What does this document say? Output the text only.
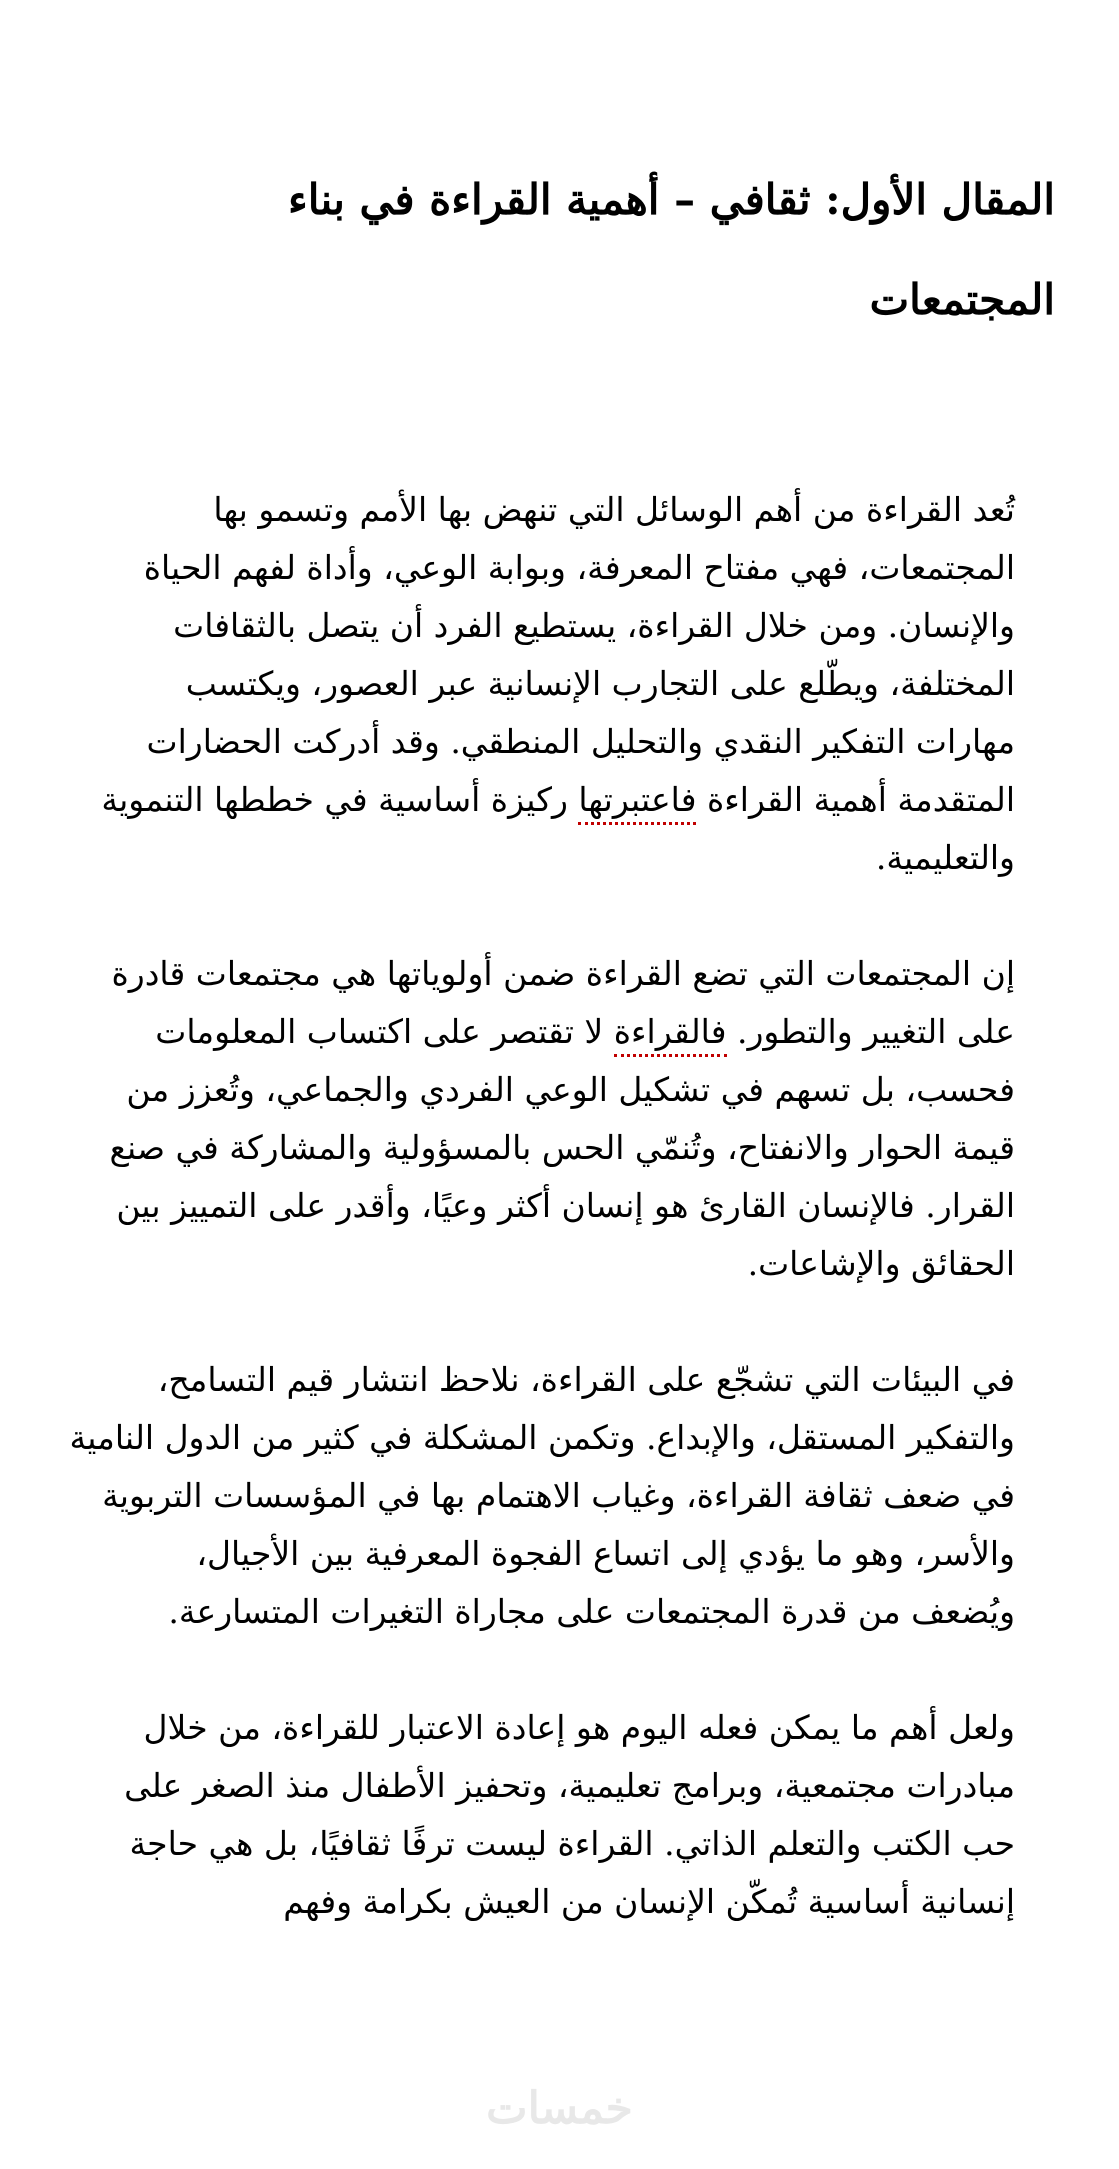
المقال الأول: ثقافي – أهمية القراءة في بناء
المجتمعات
تُعد القراءة من أهم الوسائل التي تنهض بها الأمم وتسمو بها
المجتمعات، فهي مفتاح المعرفة، وبوابة الوعي، وأداة لفهم الحياة
والإنسان. ومن خلال القراءة، يستطيع الفرد أن يتصل بالثقافات
المختلفة، ويطّلع على التجارب الإنسانية عبر العصور، ويكتسب
مهارات التفكير النقدي والتحليل المنطقي. وقد أدركت الحضارات
المتقدمة أهمية القراءة فاعتبرتها ركيزة أساسية في خططها التنموية
والتعليمية.
إن المجتمعات التي تضع القراءة ضمن أولوياتها هي مجتمعات قادرة
على التغيير والتطور. فالقراءة لا تقتصر على اكتساب المعلومات
فحسب، بل تسهم في تشكيل الوعي الفردي والجماعي، وتُعزز من
قيمة الحوار والانفتاح، وتُنمّي الحس بالمسؤولية والمشاركة في صنع
القرار. فالإنسان القارئ هو إنسان أكثر وعيًا، وأقدر على التمييز بين
الحقائق والإشاعات.
في البيئات التي تشجّع على القراءة، نلاحظ انتشار قيم التسامح،
والتفكير المستقل، والإبداع. وتكمن المشكلة في كثير من الدول النامية
في ضعف ثقافة القراءة، وغياب الاهتمام بها في المؤسسات التربوية
والأسر، وهو ما يؤدي إلى اتساع الفجوة المعرفية بين الأجيال،
ويُضعف من قدرة المجتمعات على مجاراة التغيرات المتسارعة.
ولعل أهم ما يمكن فعله اليوم هو إعادة الاعتبار للقراءة، من خلال
مبادرات مجتمعية، وبرامج تعليمية، وتحفيز الأطفال منذ الصغر على
حب الكتب والتعلم الذاتي. القراءة ليست ترفًا ثقافيًا، بل هي حاجة
إنسانية أساسية تُمكّن الإنسان من العيش بكرامة وفهم
خمسات
